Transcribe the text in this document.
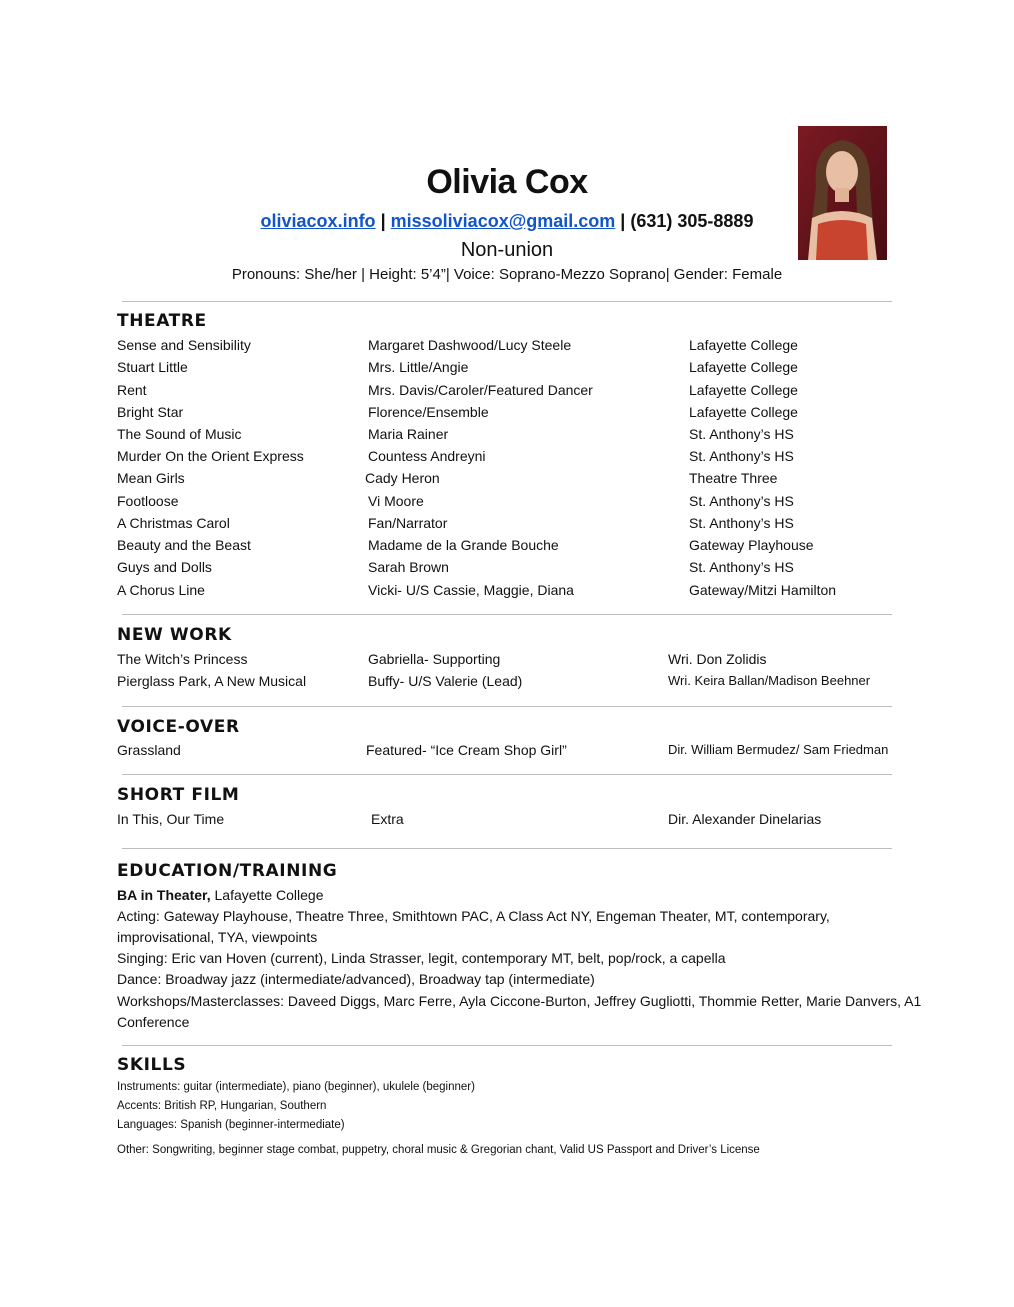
Olivia Cox
oliviacox.info | missoliviacox@gmail.com | (631) 305-8889
Non-union
Pronouns: She/her | Height: 5’4”| Voice: Soprano-Mezzo Soprano| Gender: Female
THEATRE
Sense and Sensibility	Margaret Dashwood/Lucy Steele	Lafayette College
Stuart Little	Mrs. Little/Angie	Lafayette College
Rent	Mrs. Davis/Caroler/Featured Dancer	Lafayette College
Bright Star	Florence/Ensemble	Lafayette College
The Sound of Music	Maria Rainer	St. Anthony’s HS
Murder On the Orient Express	Countess Andreyni	St. Anthony’s HS
Mean Girls	Cady Heron	Theatre Three
Footloose	Vi Moore	St. Anthony’s HS
A Christmas Carol	Fan/Narrator	St. Anthony’s HS
Beauty and the Beast	Madame de la Grande Bouche	Gateway Playhouse
Guys and Dolls	Sarah Brown	St. Anthony’s HS
A Chorus Line	Vicki- U/S Cassie, Maggie, Diana	Gateway/Mitzi Hamilton
NEW WORK
The Witch’s Princess	Gabriella- Supporting	Wri. Don Zolidis
Pierglass Park, A New Musical	Buffy- U/S Valerie (Lead)	Wri. Keira Ballan/Madison Beehner
VOICE-OVER
Grassland	Featured- “Ice Cream Shop Girl”	Dir. William Bermudez/ Sam Friedman
SHORT FILM
In This, Our Time	Extra	Dir. Alexander Dinelarias
EDUCATION/TRAINING
BA in Theater, Lafayette College
Acting: Gateway Playhouse, Theatre Three, Smithtown PAC, A Class Act NY, Engeman Theater, MT, contemporary,
improvisational, TYA, viewpoints
Singing: Eric van Hoven (current), Linda Strasser, legit, contemporary MT, belt, pop/rock, a capella
Dance: Broadway jazz (intermediate/advanced), Broadway tap (intermediate)
Workshops/Masterclasses: Daveed Diggs, Marc Ferre, Ayla Ciccone-Burton, Jeffrey Gugliotti, Thommie Retter, Marie Danvers, A1
Conference
SKILLS
Instruments: guitar (intermediate), piano (beginner), ukulele (beginner)
Accents: British RP, Hungarian, Southern
Languages: Spanish (beginner-intermediate)
Other: Songwriting, beginner stage combat, puppetry, choral music & Gregorian chant, Valid US Passport and Driver’s License
